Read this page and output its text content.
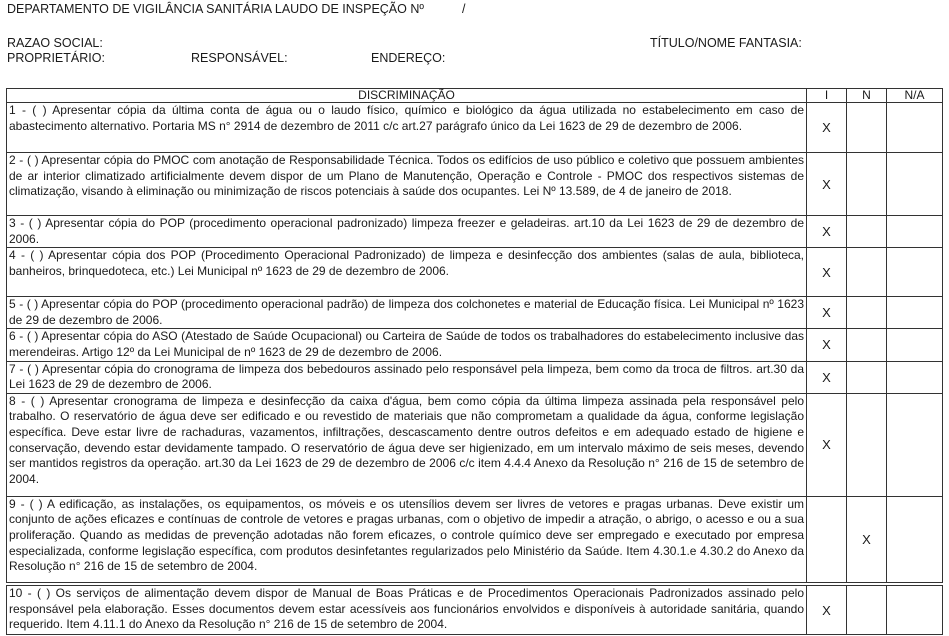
DEPARTAMENTO DE VIGILÂNCIA SANITÁRIA LAUDO DE INSPEÇÃO Nº	/
RAZAO SOCIAL:	TÍTULO/NOME FANTASIA:
PROPRIETÁRIO:	RESPONSÁVEL:	ENDEREÇO:
DISCRIMINAÇÃO	I	N	N/A
1 - ( ) Apresentar cópia da última conta de água ou o laudo físico, químico e biológico da água utilizada no estabelecimento em caso de abastecimento alternativo. Portaria MS n° 2914 de dezembro de 2011 c/c art.27 parágrafo único da Lei 1623 de 29 de dezembro de 2006.	X		
2 - ( ) Apresentar cópia do PMOC com anotação de Responsabilidade Técnica. Todos os edifícios de uso público e coletivo que possuem ambientes de ar interior climatizado artificialmente devem dispor de um Plano de Manutenção, Operação e Controle - PMOC dos respectivos sistemas de climatização, visando à eliminação ou minimização de riscos potenciais à saúde dos ocupantes. Lei Nº 13.589, de 4 de janeiro de 2018.	X		
3 - ( ) Apresentar cópia do POP (procedimento operacional padronizado) limpeza freezer e geladeiras. art.10 da Lei 1623 de 29 de dezembro de 2006.	X		
4 - ( ) Apresentar cópia dos POP (Procedimento Operacional Padronizado) de limpeza e desinfecção dos ambientes (salas de aula, biblioteca, banheiros, brinquedoteca, etc.) Lei Municipal nº 1623 de 29 de dezembro de 2006.	X		
5 - ( ) Apresentar cópia do POP (procedimento operacional padrão) de limpeza dos colchonetes e material de Educação física. Lei Municipal nº 1623 de 29 de dezembro de 2006.	X		
6 - ( ) Apresentar cópia do ASO (Atestado de Saúde Ocupacional) ou Carteira de Saúde de todos os trabalhadores do estabelecimento inclusive das merendeiras. Artigo 12º da Lei Municipal de nº 1623 de 29 de dezembro de 2006.	X		
7 - ( ) Apresentar cópia do cronograma de limpeza dos bebedouros assinado pelo responsável pela limpeza, bem como da troca de filtros. art.30 da Lei 1623 de 29 de dezembro de 2006.	X		
8 - ( ) Apresentar cronograma de limpeza e desinfecção da caixa d'água, bem como cópia da última limpeza assinada pela responsável pelo trabalho. O reservatório de água deve ser edificado e ou revestido de materiais que não comprometam a qualidade da água, conforme legislação específica. Deve estar livre de rachaduras, vazamentos, infiltrações, descascamento dentre outros defeitos e em adequado estado de higiene e conservação, devendo estar devidamente tampado. O reservatório de água deve ser higienizado, em um intervalo máximo de seis meses, devendo ser mantidos registros da operação. art.30 da Lei 1623 de 29 de dezembro de 2006 c/c item 4.4.4 Anexo da Resolução n° 216 de 15 de setembro de 2004.	X		
9 - ( ) A edificação, as instalações, os equipamentos, os móveis e os utensílios devem ser livres de vetores e pragas urbanas. Deve existir um conjunto de ações eficazes e contínuas de controle de vetores e pragas urbanas, com o objetivo de impedir a atração, o abrigo, o acesso e ou a sua proliferação. Quando as medidas de prevenção adotadas não forem eficazes, o controle químico deve ser empregado e executado por empresa especializada, conforme legislação específica, com produtos desinfetantes regularizados pelo Ministério da Saúde. Item 4.30.1.e 4.30.2 do Anexo da Resolução n° 216 de 15 de setembro de 2004.		X	
10 - ( ) Os serviços de alimentação devem dispor de Manual de Boas Práticas e de Procedimentos Operacionais Padronizados assinado pelo responsável pela elaboração. Esses documentos devem estar acessíveis aos funcionários envolvidos e disponíveis à autoridade sanitária, quando requerido. Item 4.11.1 do Anexo da Resolução n° 216 de 15 de setembro de 2004.	X		
